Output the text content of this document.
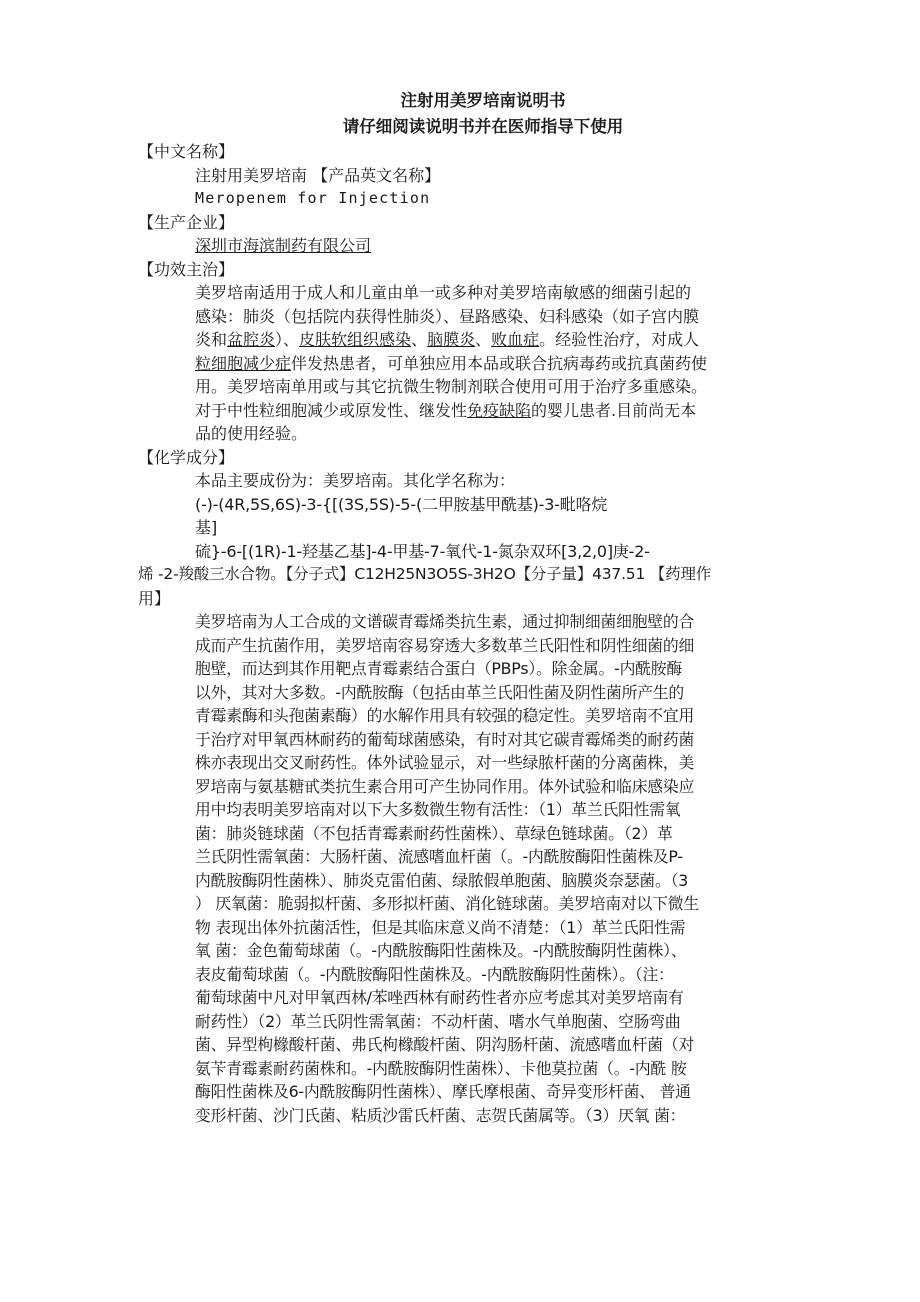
注射用美罗培南说明书

请仔细阅读说明书并在医师指导下使用

【中文名称】

注射用美罗培南 【产品英文名称】

Meropenem for Injection

【生产企业】

深圳市海滨制药有限公司

【功效主治】

美罗培南适用于成人和儿童由单一或多种对美罗培南敏感的细菌引起的

感染：肺炎（包括院内获得性肺炎）、昼路感染、妇科感染（如子宫内膜

炎和盆腔炎）、皮肤软组织感染、脑膜炎、败血症。经验性治疗，对成人

粒细胞减少症伴发热患者，可单独应用本品或联合抗病毒药或抗真菌药使

用。美罗培南单用或与其它抗微生物制剂联合使用可用于治疗多重感染。

对于中性粒细胞减少或原发性、继发性免疫缺陷的婴儿患者.目前尚无本

品的使用经验。

【化学成分】

本品主要成份为：美罗培南。其化学名称为：

(-)-(4R,5S,6S)-3-{[(3S,5S)-5-(二甲胺基甲酰基)-3-毗咯烷

基]

硫}-6-[(1R)-1-羟基乙基]-4-甲基-7-氧代-1-氮杂双环[3,2,0]庚-2-

烯 -2-羧酸三水合物。【分子式】C12H25N3O5S-3H2O【分子量】437.51 【药理作

用】

美罗培南为人工合成的文谱碳青霉烯类抗生素，通过抑制细菌细胞壁的合

成而产生抗菌作用，美罗培南容易穿透大多数革兰氏阳性和阴性细菌的细

胞壁，而达到其作用靶点青霉素结合蛋白（PBPs）。除金属。-内酰胺酶

以外，其对大多数。-内酰胺酶（包括由革兰氏阳性菌及阴性菌所产生的

青霉素酶和头孢菌素酶）的水解作用具有较强的稳定性。美罗培南不宜用

于治疗对甲氧西林耐药的葡萄球菌感染，有时对其它碳青霉烯类的耐药菌

株亦表现出交叉耐药性。体外试验显示，对一些绿脓杆菌的分离菌株，美

罗培南与氨基糖甙类抗生素合用可产生协同作用。体外试验和临床感染应

用中均表明美罗培南对以下大多数微生物有活性：（1）革兰氏阳性需氧

菌：肺炎链球菌（不包括青霉素耐药性菌株）、草绿色链球菌。（2）革

兰氏阴性需氧菌：大肠杆菌、流感嗜血杆菌（。-内酰胺酶阳性菌株及P-

内酰胺酶阴性菌株）、肺炎克雷伯菌、绿脓假单胞菌、脑膜炎奈瑟菌。（3

） 厌氧菌：脆弱拟杆菌、多形拟杆菌、消化链球菌。美罗培南对以下微生

物 表现出体外抗菌活性，但是其临床意义尚不清楚：（1）革兰氏阳性需

氧 菌：金色葡萄球菌（。-内酰胺酶阳性菌株及。-内酰胺酶阴性菌株）、

表皮葡萄球菌（。-内酰胺酶阳性菌株及。-内酰胺酶阴性菌株）。（注：

葡萄球菌中凡对甲氧西林/苯唑西林有耐药性者亦应考虑其对美罗培南有

耐药性）（2）革兰氏阴性需氧菌：不动杆菌、嗜水气单胞菌、空肠弯曲

菌、异型枸橼酸杆菌、弗氏枸橼酸杆菌、阴沟肠杆菌、流感嗜血杆菌（对

氨苄青霉素耐药菌株和。-内酰胺酶阴性菌株）、卡他莫拉菌（。-内酰 胺

酶阳性菌株及6-内酰胺酶阴性菌株）、摩氏摩根菌、奇异变形杆菌、 普通

变形杆菌、沙门氏菌、粘质沙雷氏杆菌、志贺氏菌属等。（3）厌氧 菌：
